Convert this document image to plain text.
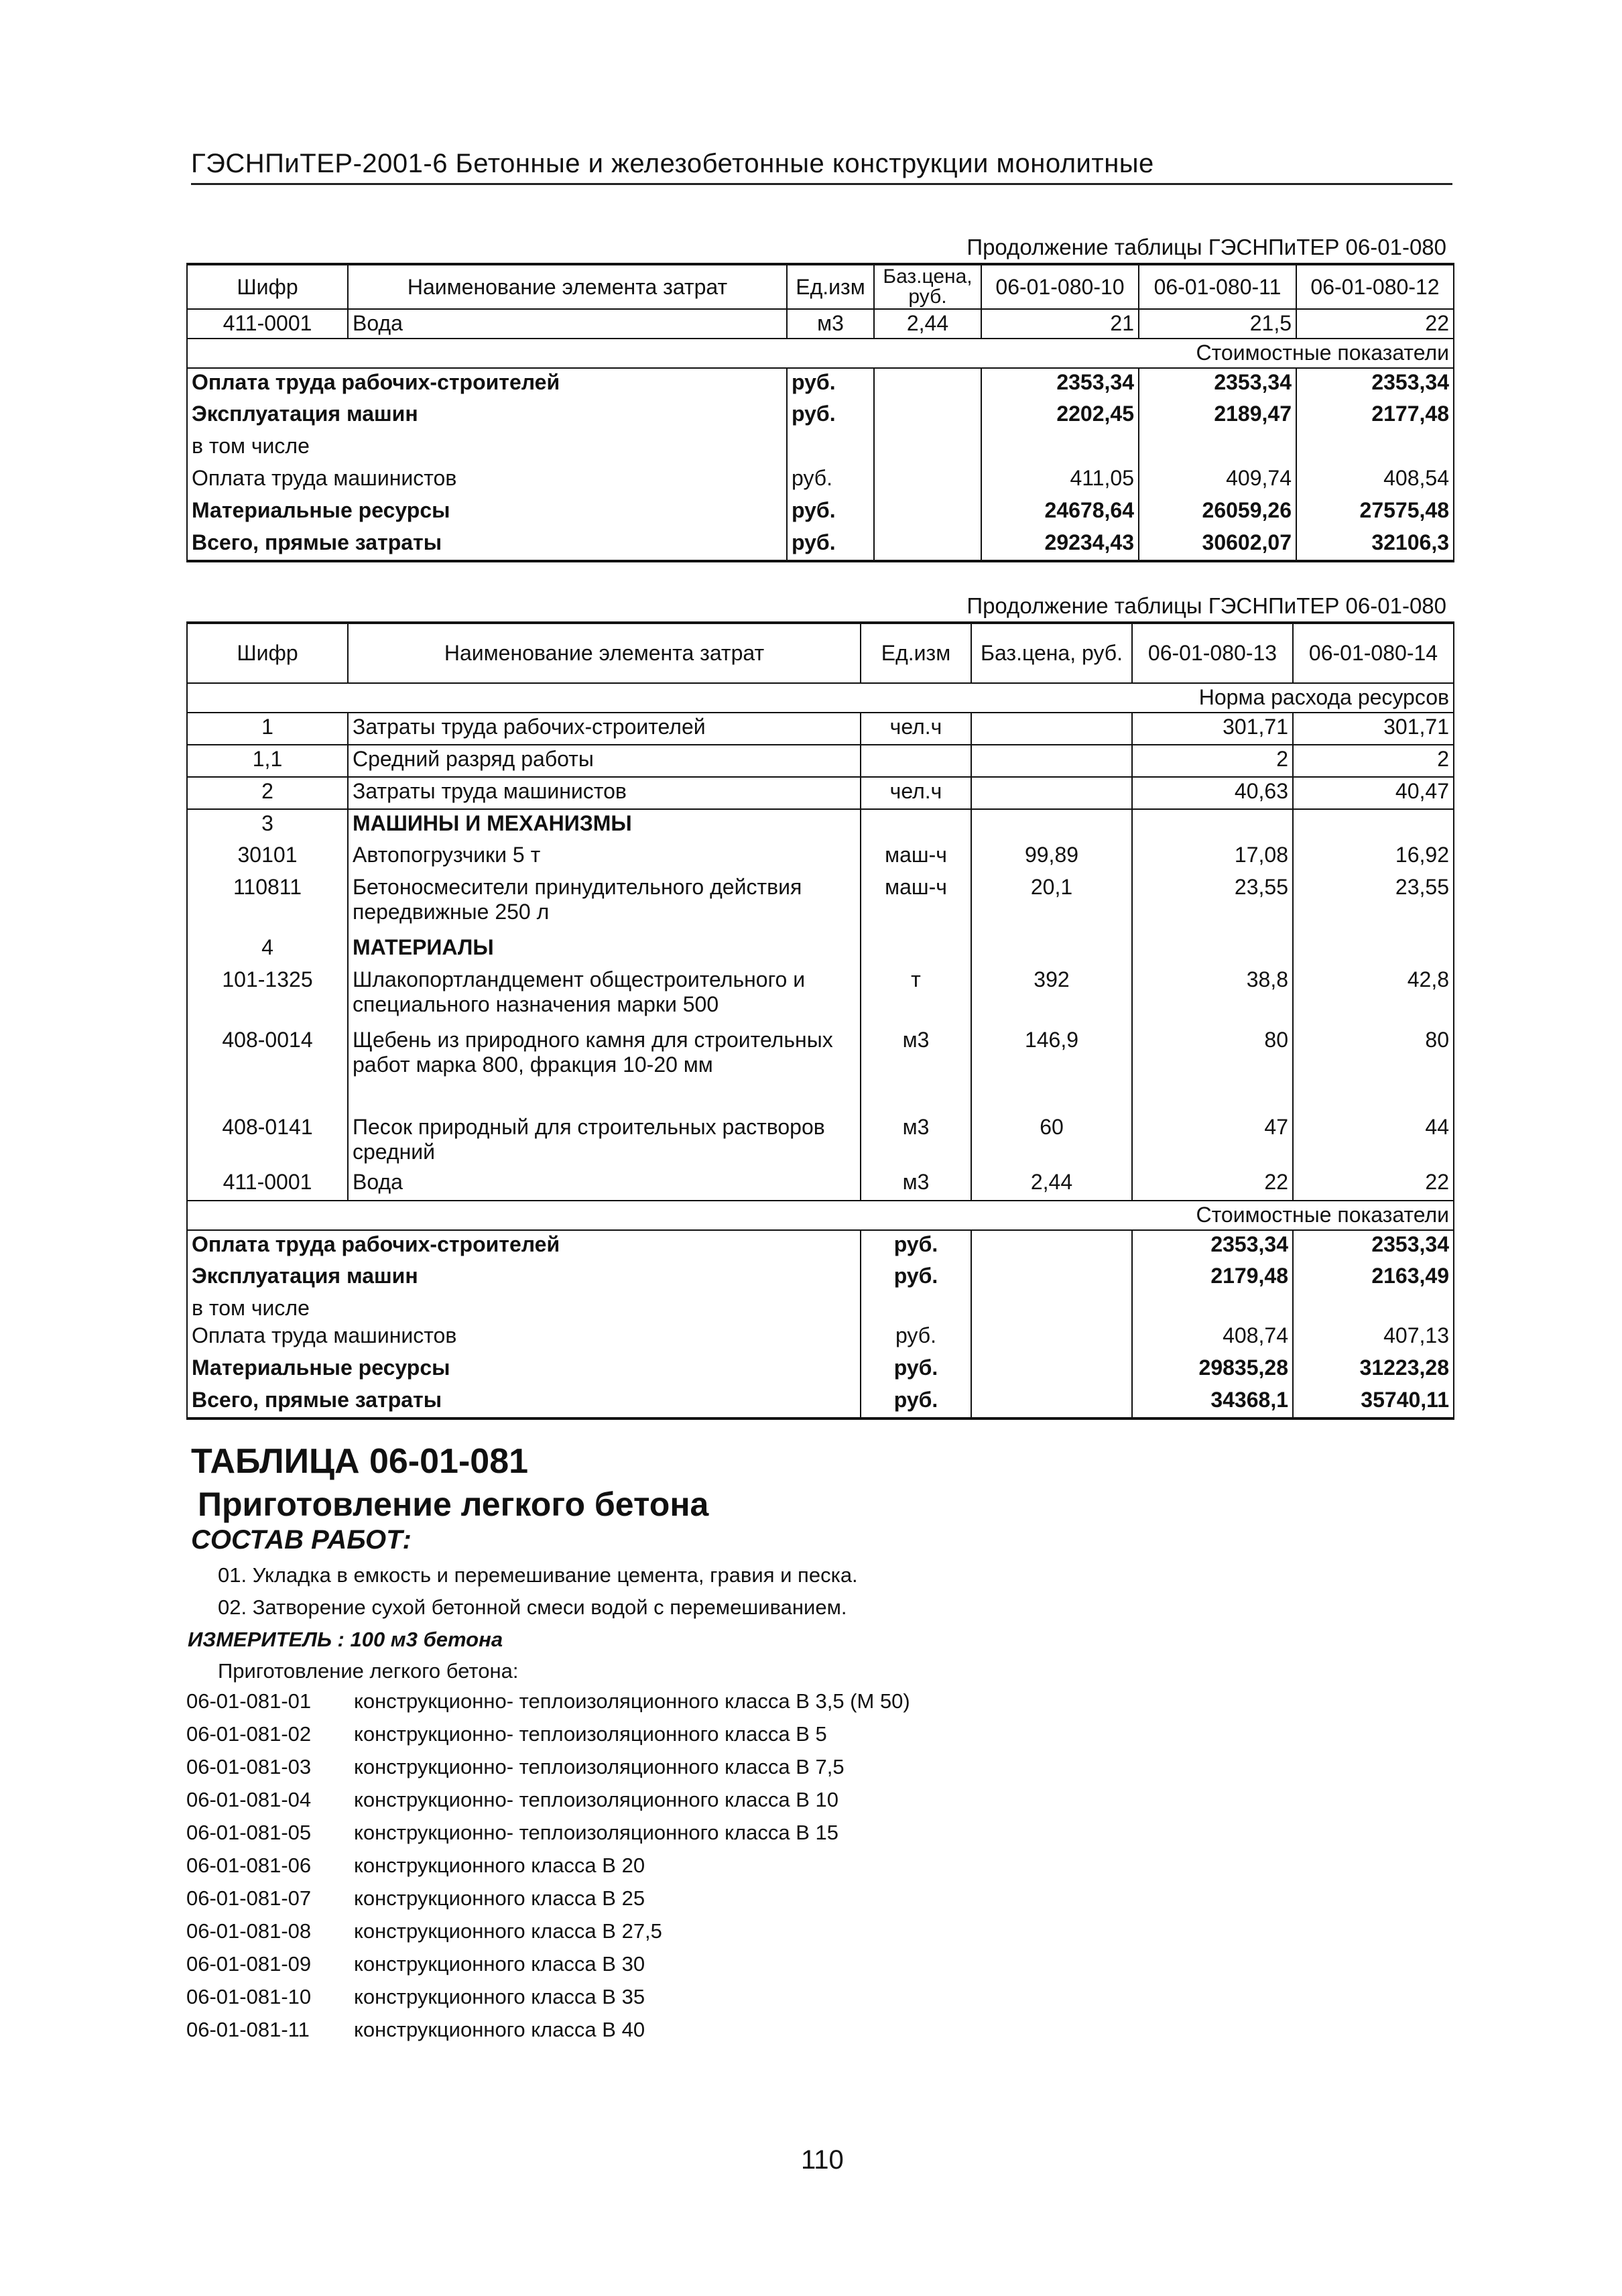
ГЭСНПиТЕР-2001-6 Бетонные и железобетонные конструкции монолитные
Продолжение таблицы ГЭСНПиТЕР 06-01-080
Шифр	Наименование элемента затрат	Ед.изм	Баз.цена, руб.	06-01-080-10	06-01-080-11	06-01-080-12
411-0001	Вода	м3	2,44	21	21,5	22
Стоимостные показатели						
Оплата труда рабочих-строителей		руб.		2353,34	2353,34	2353,34
Эксплуатация машин		руб.		2202,45	2189,47	2177,48
в том числе						
Оплата труда машинистов		руб.		411,05	409,74	408,54
Материальные ресурсы		руб.		24678,64	26059,26	27575,48
Всего, прямые затраты		руб.		29234,43	30602,07	32106,3
Продолжение таблицы ГЭСНПиТЕР 06-01-080
Шифр	Наименование элемента затрат	Ед.изм	Баз.цена, руб.	06-01-080-13	06-01-080-14
Норма расхода ресурсов					
1	Затраты труда рабочих-строителей	чел.ч		301,71	301,71
1,1	Средний разряд работы			2	2
2	Затраты труда машинистов	чел.ч		40,63	40,47
3	МАШИНЫ И МЕХАНИЗМЫ				
30101	Автопогрузчики 5 т	маш-ч	99,89	17,08	16,92
110811	Бетоносмесители принудительного действия передвижные 250 л	маш-ч	20,1	23,55	23,55
4	МАТЕРИАЛЫ				
101-1325	Шлакопортландцемент общестроительного и специального назначения марки 500	т	392	38,8	42,8
408-0014	Щебень из природного камня для строительных работ марка 800, фракция 10-20 мм	м3	146,9	80	80
408-0141	Песок природный для строительных растворов средний	м3	60	47	44
411-0001	Вода	м3	2,44	22	22
Стоимостные показатели					
Оплата труда рабочих-строителей		руб.		2353,34	2353,34
Эксплуатация машин		руб.		2179,48	2163,49
в том числе					
Оплата труда машинистов		руб.		408,74	407,13
Материальные ресурсы		руб.		29835,28	31223,28
Всего, прямые затраты		руб.		34368,1	35740,11
ТАБЛИЦА 06-01-081
Приготовление легкого бетона
СОСТАВ РАБОТ:
01. Укладка в емкость и перемешивание цемента, гравия и песка.
02. Затворение сухой бетонной смеси водой с перемешиванием.
ИЗМЕРИТЕЛЬ : 100 м3 бетона
Приготовление легкого бетона:
06-01-081-01	конструкционно- теплоизоляционного класса В 3,5 (М 50)
06-01-081-02	конструкционно- теплоизоляционного класса В 5
06-01-081-03	конструкционно- теплоизоляционного класса В 7,5
06-01-081-04	конструкционно- теплоизоляционного класса В 10
06-01-081-05	конструкционно- теплоизоляционного класса В 15
06-01-081-06	конструкционного класса В 20
06-01-081-07	конструкционного класса В 25
06-01-081-08	конструкционного класса В 27,5
06-01-081-09	конструкционного класса В 30
06-01-081-10	конструкционного класса В 35
06-01-081-11	конструкционного класса В 40
110
